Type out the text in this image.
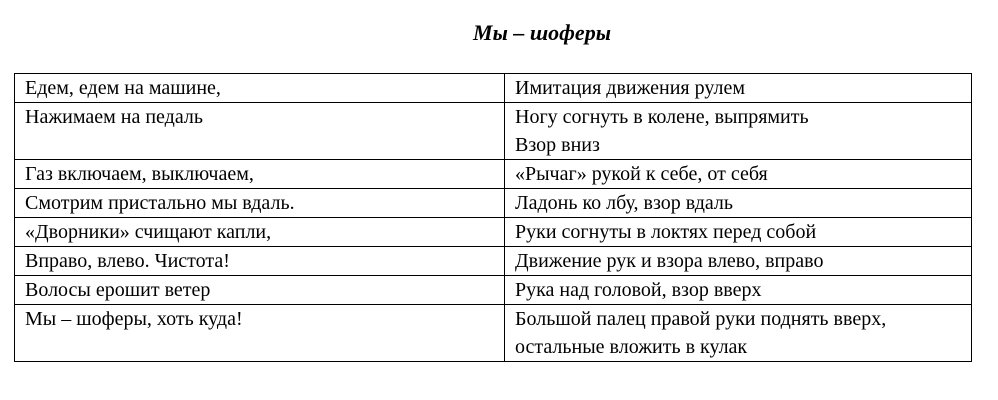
Мы – шоферы
Едем, едем на машине,	Имитация движения рулем

Нажимаем на педаль	Ногу согнуть в колене, выпрямить
Взор вниз

Газ включаем, выключаем,	«Рычаг» рукой к себе, от себя

Смотрим пристально мы вдаль.	Ладонь ко лбу, взор вдаль

«Дворники» счищают капли,	Руки согнуты в локтях перед собой

Вправо, влево. Чистота!	Движение рук и взора влево, вправо

Волосы ерошит ветер	Рука над головой, взор вверх

Мы – шоферы, хоть куда!	Большой палец правой руки поднять вверх,
остальные вложить в кулак
